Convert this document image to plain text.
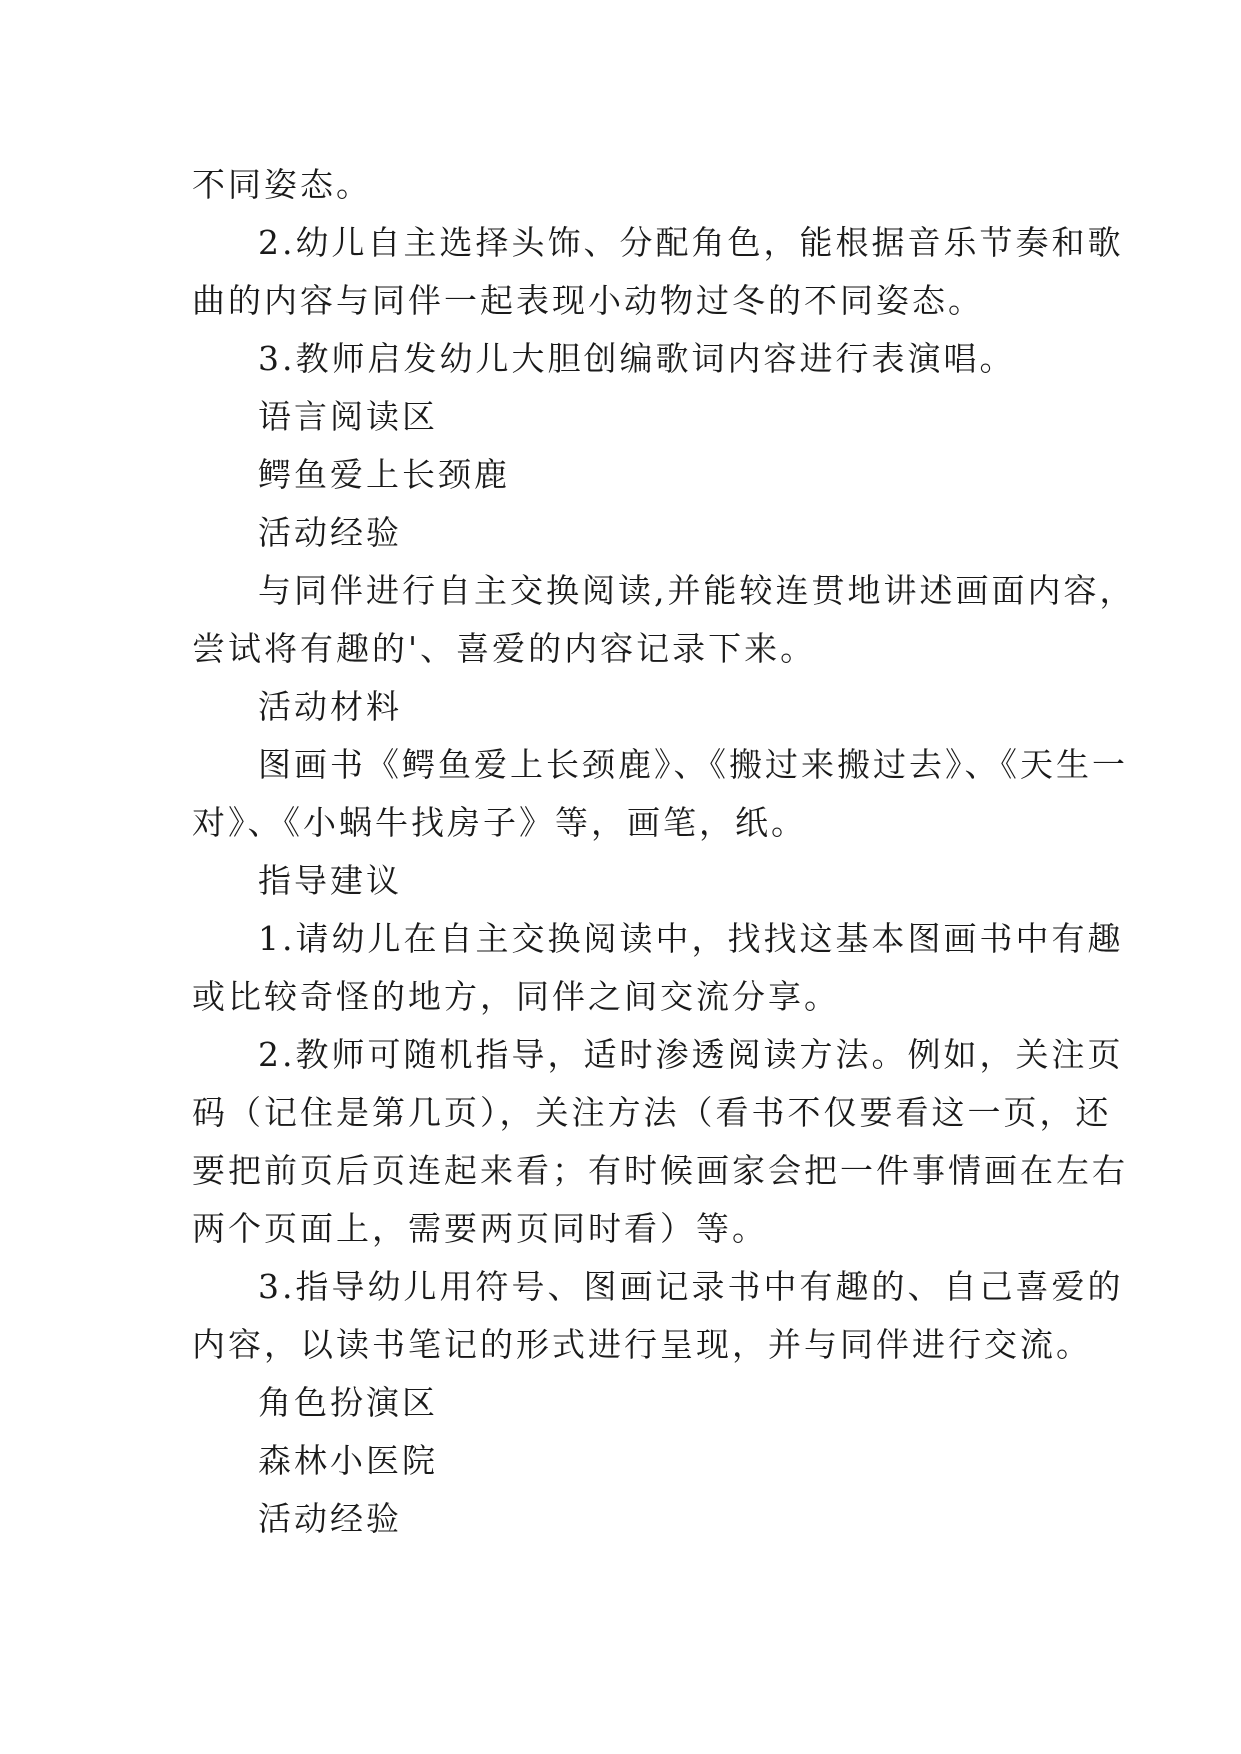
不同姿态。
2.幼儿自主选择头饰、分配角色，能根据音乐节奏和歌
曲的内容与同伴一起表现小动物过冬的不同姿态。
3.教师启发幼儿大胆创编歌词内容进行表演唱。
语言阅读区
鳄鱼爱上长颈鹿
活动经验
与同伴进行自主交换阅读,并能较连贯地讲述画面内容，
尝试将有趣的'、喜爱的内容记录下来。
活动材料
图画书《鳄鱼爱上长颈鹿》、《搬过来搬过去》、《天生一
对》、《小蜗牛找房子》等，画笔，纸。
指导建议
1.请幼儿在自主交换阅读中，找找这基本图画书中有趣
或比较奇怪的地方，同伴之间交流分享。
2.教师可随机指导，适时渗透阅读方法。例如，关注页
码（记住是第几页），关注方法（看书不仅要看这一页，还
要把前页后页连起来看；有时候画家会把一件事情画在左右
两个页面上，需要两页同时看）等。
3.指导幼儿用符号、图画记录书中有趣的、自己喜爱的
内容，以读书笔记的形式进行呈现，并与同伴进行交流。
角色扮演区
森林小医院
活动经验
